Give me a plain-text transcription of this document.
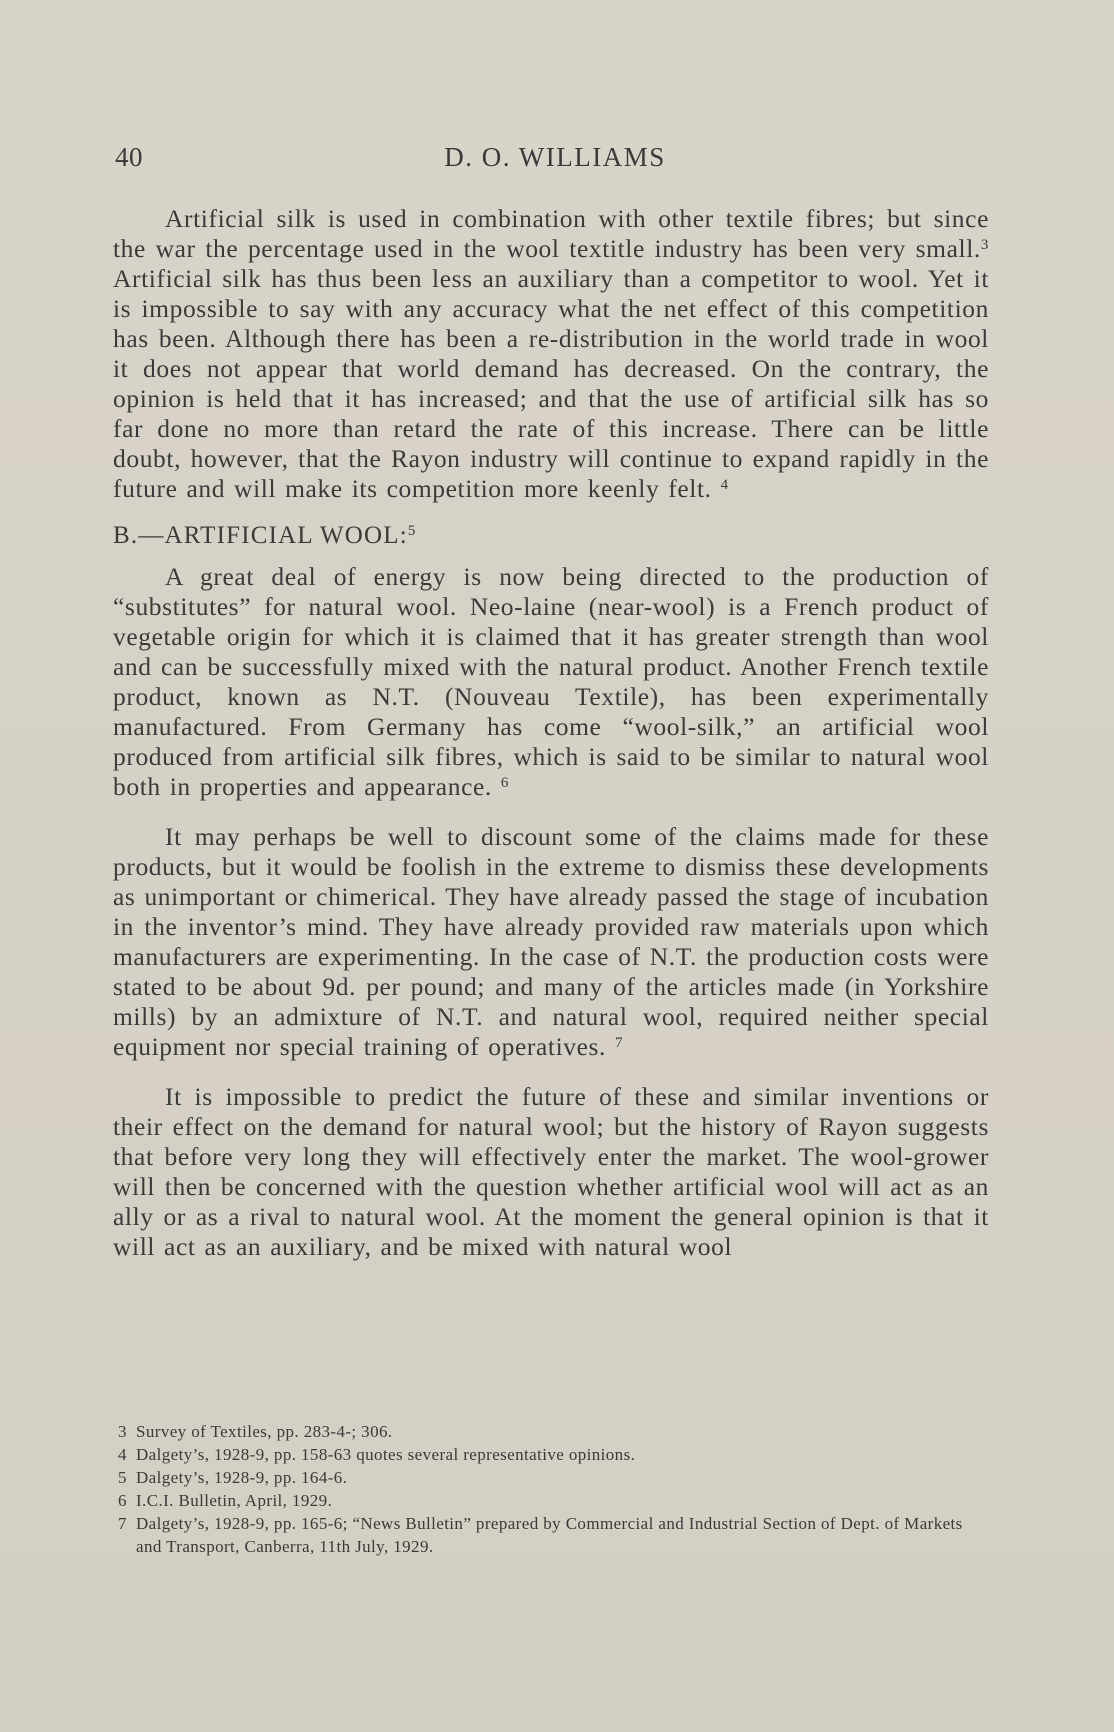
40	D. O. WILLIAMS

Artificial silk is used in combination with other textile fibres; but since the war the percentage used in the wool textitle industry has been very small.$^3$ Artificial silk has thus been less an auxiliary than a competitor to wool. Yet it is impossible to say with any accuracy what the net effect of this competition has been. Although there has been a re-distribution in the world trade in wool it does not appear that world demand has decreased. On the contrary, the opinion is held that it has increased; and that the use of artificial silk has so far done no more than retard the rate of this increase. There can be little doubt, however, that the Rayon industry will continue to expand rapidly in the future and will make its competition more keenly felt. $^4$

B.—ARTIFICIAL WOOL:$^5$

A great deal of energy is now being directed to the production of “substitutes” for natural wool. Neo-laine (near-wool) is a French product of vegetable origin for which it is claimed that it has greater strength than wool and can be successfully mixed with the natural product. Another French textile product, known as N.T. (Nouveau Textile), has been experimentally manufactured. From Germany has come “wool-silk,” an artificial wool produced from artificial silk fibres, which is said to be similar to natural wool both in properties and appearance. $^6$

It may perhaps be well to discount some of the claims made for these products, but it would be foolish in the extreme to dismiss these developments as unimportant or chimerical. They have already passed the stage of incubation in the inventor’s mind. They have already provided raw materials upon which manufacturers are experimenting. In the case of N.T. the production costs were stated to be about 9d. per pound; and many of the articles made (in Yorkshire mills) by an admixture of N.T. and natural wool, required neither special equipment nor special training of operatives. $^7$

It is impossible to predict the future of these and similar inventions or their effect on the demand for natural wool; but the history of Rayon suggests that before very long they will effectively enter the market. The wool-grower will then be concerned with the question whether artificial wool will act as an ally or as a rival to natural wool. At the moment the general opinion is that it will act as an auxiliary, and be mixed with natural wool

3 Survey of Textiles, pp. 283-4-; 306.
4 Dalgety’s, 1928-9, pp. 158-63 quotes several representative opinions.
5 Dalgety’s, 1928-9, pp. 164-6.
6 I.C.I. Bulletin, April, 1929.
7 Dalgety’s, 1928-9, pp. 165-6; “News Bulletin” prepared by Commercial and Industrial Section of Dept. of Markets and Transport, Canberra, 11th July, 1929.
